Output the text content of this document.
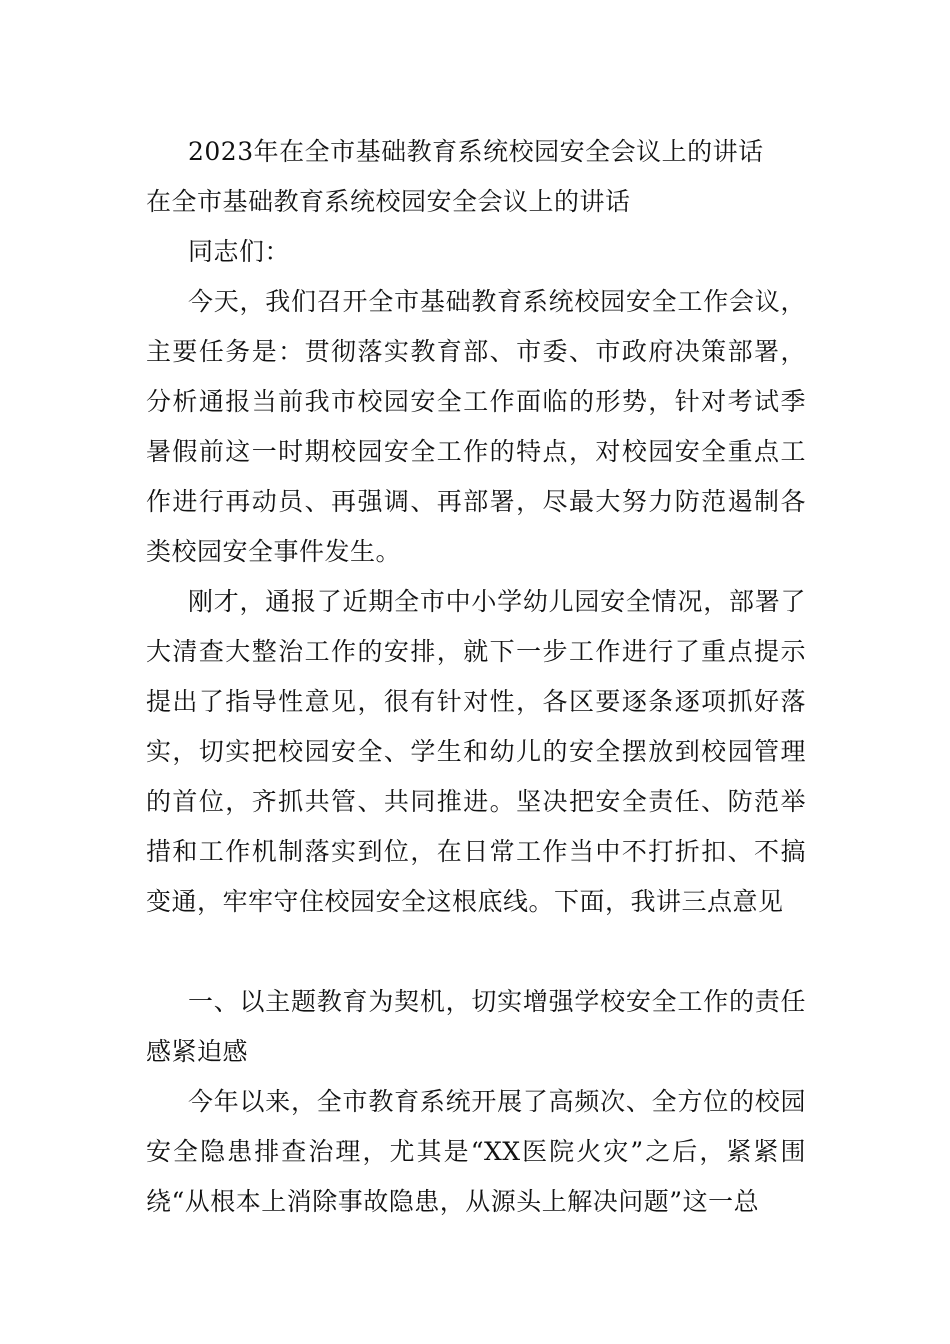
2023年在全市基础教育系统校园安全会议上的讲话

在全市基础教育系统校园安全会议上的讲话

同志们：

今天，我们召开全市基础教育系统校园安全工作会议，主要任务是：贯彻落实教育部、市委、市政府决策部署，分析通报当前我市校园安全工作面临的形势，针对考试季暑假前这一时期校园安全工作的特点，对校园安全重点工作进行再动员、再强调、再部署，尽最大努力防范遏制各类校园安全事件发生。

刚才，通报了近期全市中小学幼儿园安全情况，部署了大清查大整治工作的安排，就下一步工作进行了重点提示提出了指导性意见，很有针对性，各区要逐条逐项抓好落实，切实把校园安全、学生和幼儿的安全摆放到校园管理的首位，齐抓共管、共同推进。坚决把安全责任、防范举措和工作机制落实到位，在日常工作当中不打折扣、不搞变通，牢牢守住校园安全这根底线。下面，我讲三点意见

一、以主题教育为契机，切实增强学校安全工作的责任感紧迫感

今年以来，全市教育系统开展了高频次、全方位的校园安全隐患排查治理，尤其是“XX医院火灾”之后，紧紧围绕“从根本上消除事故隐患，从源头上解决问题”这一总
